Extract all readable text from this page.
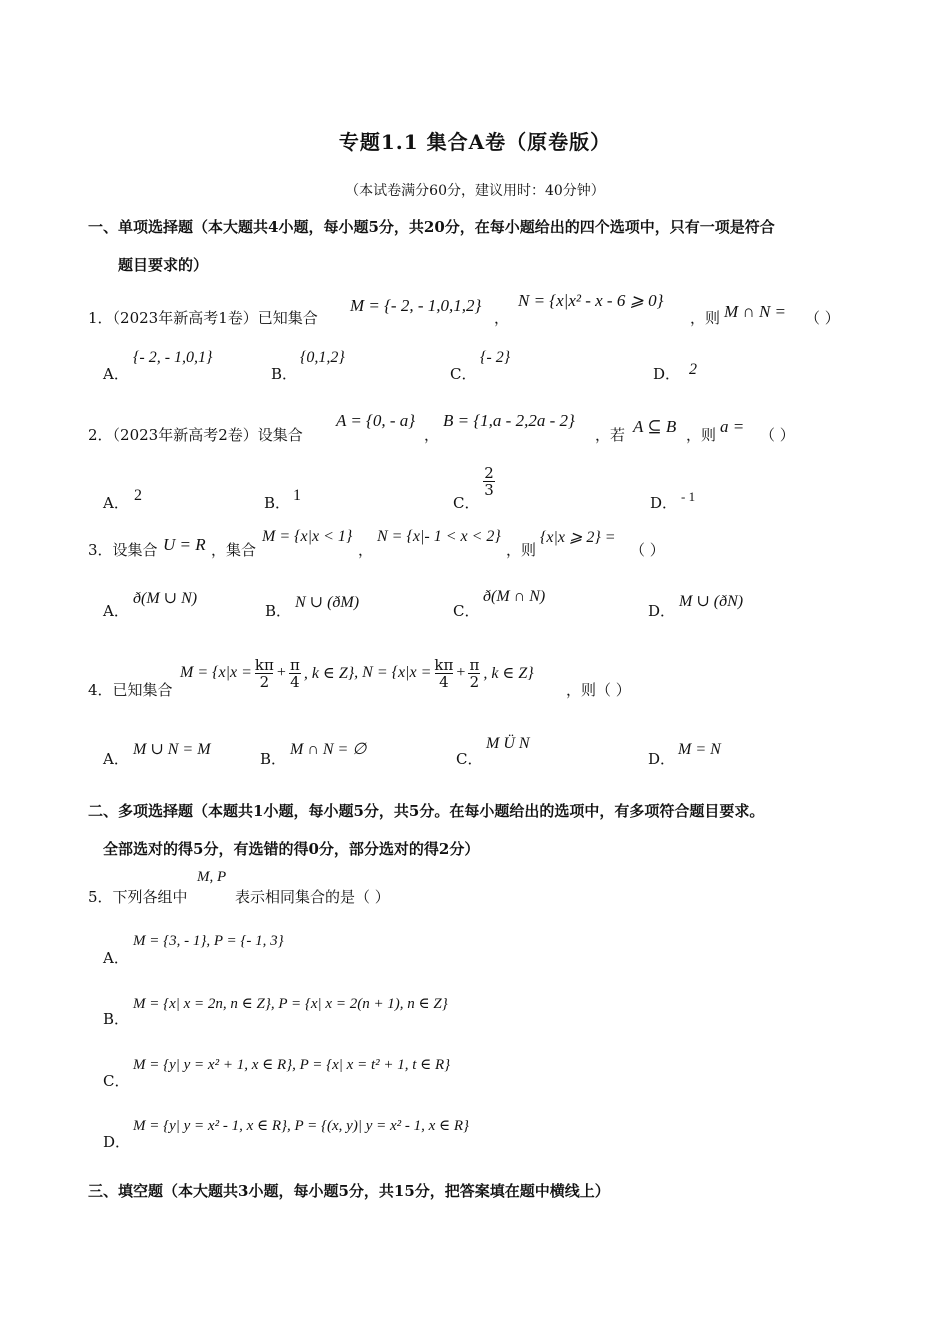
专题1.1 集合A卷（原卷版）
（本试卷满分60分，建议用时：40分钟）
一、单项选择题（本大题共4小题，每小题5分，共20分，在每小题给出的四个选项中，只有一项是符合
题目要求的）
1．（2023年新高考1卷）已知集合
M = {- 2, - 1,0,1,2}
，
N = {x|x² - x - 6 ⩾ 0}
，则 M ∩ N = （ ）
A．
{- 2, - 1,0,1}
B．
{0,1,2}
C．
{- 2}
D． 2
2．（2023年新高考2卷）设集合
A = {0, - a}
，
B = {1,a - 2,2a - 2}
，若 A ⊆ B ，则 a = （ ）
A． 2	B． 1	C．
$\frac{2}{3}$
D． - 1
3．设集合 U = R ，集合
M = {x|x < 1}
，
N = {x|- 1 < x < 2}
，则
{x|x ⩾ 2} =
（ ）
A．
ð(M ∪ N)
B． N ∪ (ðM)	C．
ð(M ∩ N)
D．
M ∪ (ðN)
4．已知集合
$M = \{x|x = \frac{k\pi}{2} + \frac{\pi}{4}$ , k ∈ Z} , $N = \{x|x = \frac{k\pi}{4} + \frac{\pi}{2}$ , k ∈ Z}
，则（ ）
A．
M ∪ N = M
B．
M ∩ N = ∅
C．
M Ü N
D．
M = N
二、多项选择题（本题共1小题，每小题5分，共5分。在每小题给出的选项中，有多项符合题目要求。
全部选对的得5分，有选错的得0分，部分选对的得2分）
5．下列各组中
M, P
表示相同集合的是（ ）
A．
M = {3, - 1}, P = {- 1, 3}
B．
M = {x| x = 2n, n ∈ Z}, P = {x| x = 2(n + 1), n ∈ Z}
C．
M = {y| y = x² + 1, x ∈ R}, P = {x| x = t² + 1, t ∈ R}
D．
M = {y| y = x² - 1, x ∈ R}, P = {(x, y)| y = x² - 1, x ∈ R}
三、填空题（本大题共3小题，每小题5分，共15分，把答案填在题中横线上）
